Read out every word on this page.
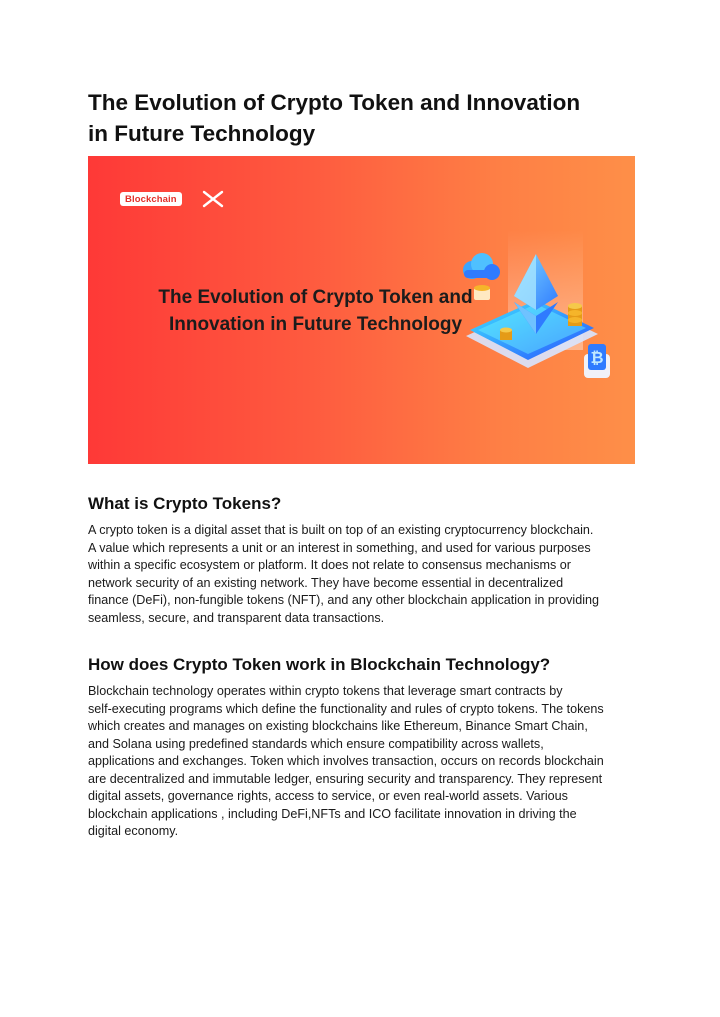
The Evolution of Crypto Token and Innovation
in Future Technology
Blockchain
The Evolution of Crypto Token and
Innovation in Future Technology
₿
What is Crypto Tokens?

A crypto token is a digital asset that is built on top of an existing cryptocurrency blockchain.
A value which represents a unit or an interest in something, and used for various purposes
within a specific ecosystem or platform. It does not relate to consensus mechanisms or
network security of an existing network. They have become essential in decentralized
finance (DeFi), non-fungible tokens (NFT), and any other blockchain application in providing
seamless, secure, and transparent data transactions.

How does Crypto Token work in Blockchain Technology?

Blockchain technology operates within crypto tokens that leverage smart contracts by
self-executing programs which define the functionality and rules of crypto tokens. The tokens
which creates and manages on existing blockchains like Ethereum, Binance Smart Chain,
and Solana using predefined standards which ensure compatibility across wallets,
applications and exchanges. Token which involves transaction, occurs on records blockchain
are decentralized and immutable ledger, ensuring security and transparency. They represent
digital assets, governance rights, access to service, or even real-world assets. Various
blockchain applications , including DeFi,NFTs and ICO facilitate innovation in driving the
digital economy.
